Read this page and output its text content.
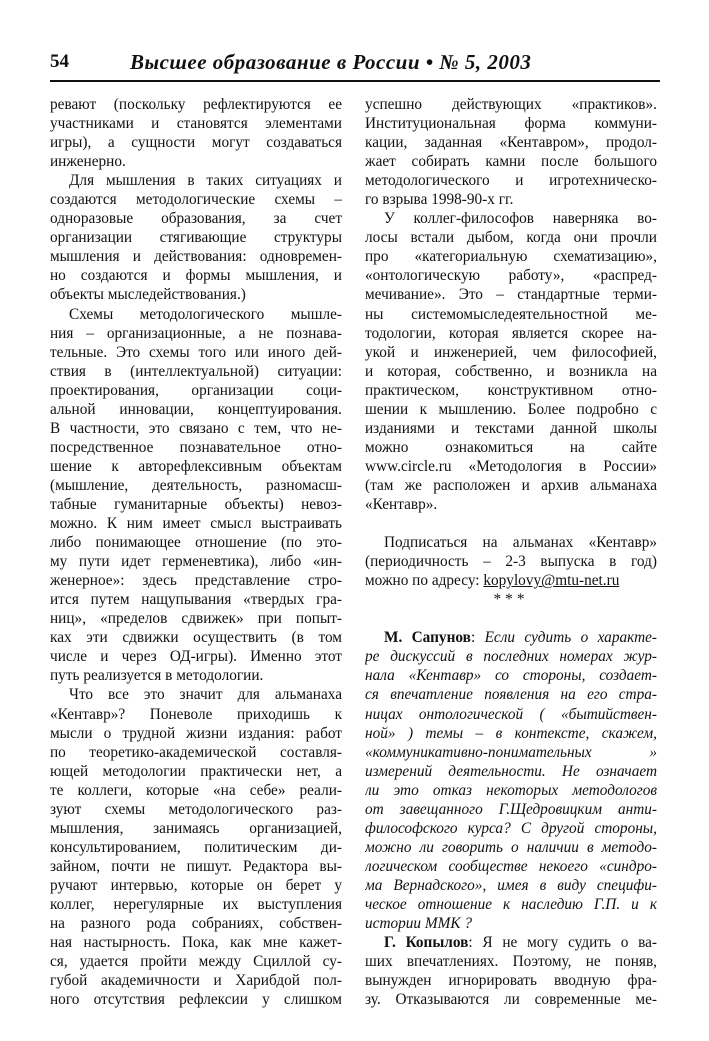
54	Высшее образование в России • № 5, 2003
ревают (поскольку рефлектируются ее
участниками и становятся элементами
игры), а сущности могут создаваться
инженерно.
Для мышления в таких ситуациях и
создаются методологические схемы –
одноразовые образования, за счет
организации стягивающие структуры
мышления и действования: одновремен-
но создаются и формы мышления, и
объекты мыследействования.)
Схемы методологического мышле-
ния – организационные, а не познава-
тельные. Это схемы того или иного дей-
ствия в (интеллектуальной) ситуации:
проектирования, организации соци-
альной инновации, концептуирования.
В частности, это связано с тем, что не-
посредственное познавательное отно-
шение к авторефлексивным объектам
(мышление, деятельность, разномасш-
табные гуманитарные объекты) невоз-
можно. К ним имеет смысл выстраивать
либо понимающее отношение (по это-
му пути идет герменевтика), либо «ин-
женерное»: здесь представление стро-
ится путем нащупывания «твердых гра-
ниц», «пределов сдвижек» при попыт-
ках эти сдвижки осуществить (в том
числе и через ОД-игры). Именно этот
путь реализуется в методологии.
Что все это значит для альманаха
«Кентавр»? Поневоле приходишь к
мысли о трудной жизни издания: работ
по теоретико-академической составля-
ющей методологии практически нет, а
те коллеги, которые «на себе» реали-
зуют схемы методологического раз-
мышления, занимаясь организацией,
консультированием, политическим ди-
зайном, почти не пишут. Редактора вы-
ручают интервью, которые он берет у
коллег, нерегулярные их выступления
на разного рода собраниях, собствен-
ная настырность. Пока, как мне кажет-
ся, удается пройти между Сциллой су-
губой академичности и Харибдой пол-
ного отсутствия рефлексии у слишком
успешно действующих «практиков».
Институциональная форма коммуни-
кации, заданная «Кентавром», продол-
жает собирать камни после большого
методологического и игротехническо-
го взрыва 1998-90-х гг.
У коллег-философов наверняка во-
лосы встали дыбом, когда они прочли
про «категориальную схематизацию»,
«онтологическую работу», «распред-
мечивание». Это – стандартные терми-
ны системомыследеятельностной ме-
тодологии, которая является скорее на-
укой и инженерией, чем философией,
и которая, собственно, и возникла на
практическом, конструктивном отно-
шении к мышлению. Более подробно с
изданиями и текстами данной школы
можно ознакомиться на сайте
www.circle.ru «Методология в России»
(там же расположен и архив альманаха
«Кентавр».
Подписаться на альманах «Кентавр»
(периодичность – 2-3 выпуска в год)
можно по адресу: kopylovy@mtu-net.ru
***
М. Сапунов: Если судить о характе-
ре дискуссий в последних номерах жур-
нала «Кентавр» со стороны, создает-
ся впечатление появления на его стра-
ницах онтологической ( «бытийствен-
ной» ) темы – в контексте, скажем,
«коммуникативно-понимательных »
измерений деятельности. Не означает
ли это отказ некоторых методологов
от завещанного Г.Щедровицким анти-
философского курса? С другой стороны,
можно ли говорить о наличии в методо-
логическом сообществе некоего «синдро-
ма Вернадского», имея в виду специфи-
ческое отношение к наследию Г.П. и к
истории ММК ?
Г. Копылов: Я не могу судить о ва-
ших впечатлениях. Поэтому, не поняв,
вынужден игнорировать вводную фра-
зу. Отказываются ли современные ме-
